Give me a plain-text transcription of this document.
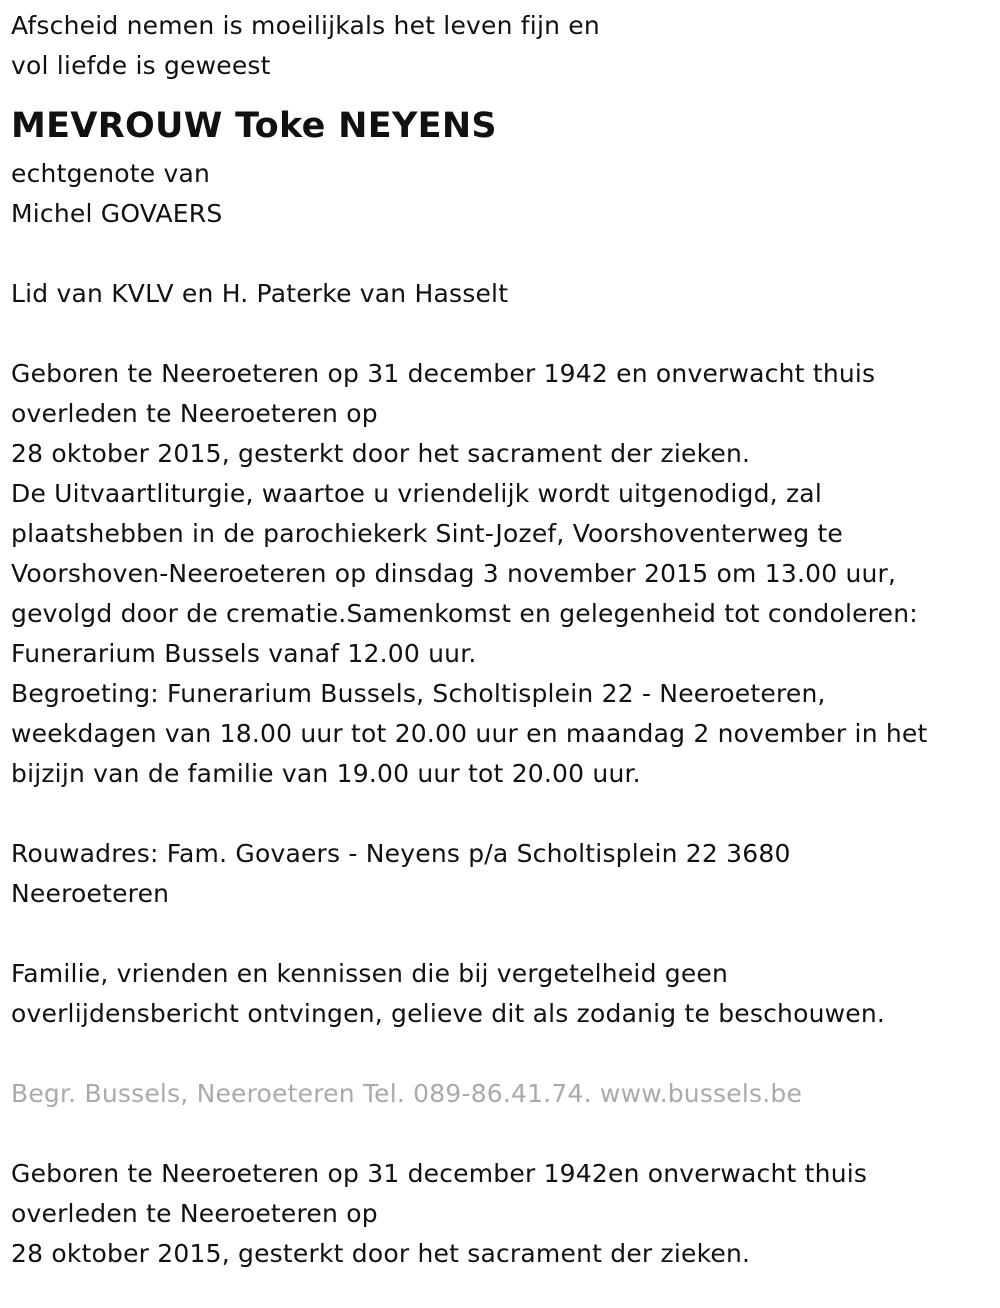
Afscheid nemen is moeilijkals het leven fijn en
vol liefde is geweest
MEVROUW Toke NEYENS
echtgenote van
Michel GOVAERS
Lid van KVLV en H. Paterke van Hasselt
Geboren te Neeroeteren op 31 december 1942 en onverwacht thuis
overleden te Neeroeteren op
28 oktober 2015, gesterkt door het sacrament der zieken.
De Uitvaartliturgie, waartoe u vriendelijk wordt uitgenodigd, zal
plaatshebben in de parochiekerk Sint-Jozef, Voorshoventerweg te
Voorshoven-Neeroeteren op dinsdag 3 november 2015 om 13.00 uur,
gevolgd door de crematie.Samenkomst en gelegenheid tot condoleren:
Funerarium Bussels vanaf 12.00 uur.
Begroeting: Funerarium Bussels, Scholtisplein 22 - Neeroeteren,
weekdagen van 18.00 uur tot 20.00 uur en maandag 2 november in het
bijzijn van de familie van 19.00 uur tot 20.00 uur.
Rouwadres: Fam. Govaers - Neyens p/a Scholtisplein 22 3680
Neeroeteren
Familie, vrienden en kennissen die bij vergetelheid geen
overlijdensbericht ontvingen, gelieve dit als zodanig te beschouwen.
Begr. Bussels, Neeroeteren Tel. 089-86.41.74. www.bussels.be
Geboren te Neeroeteren op 31 december 1942en onverwacht thuis
overleden te Neeroeteren op
28 oktober 2015, gesterkt door het sacrament der zieken.
